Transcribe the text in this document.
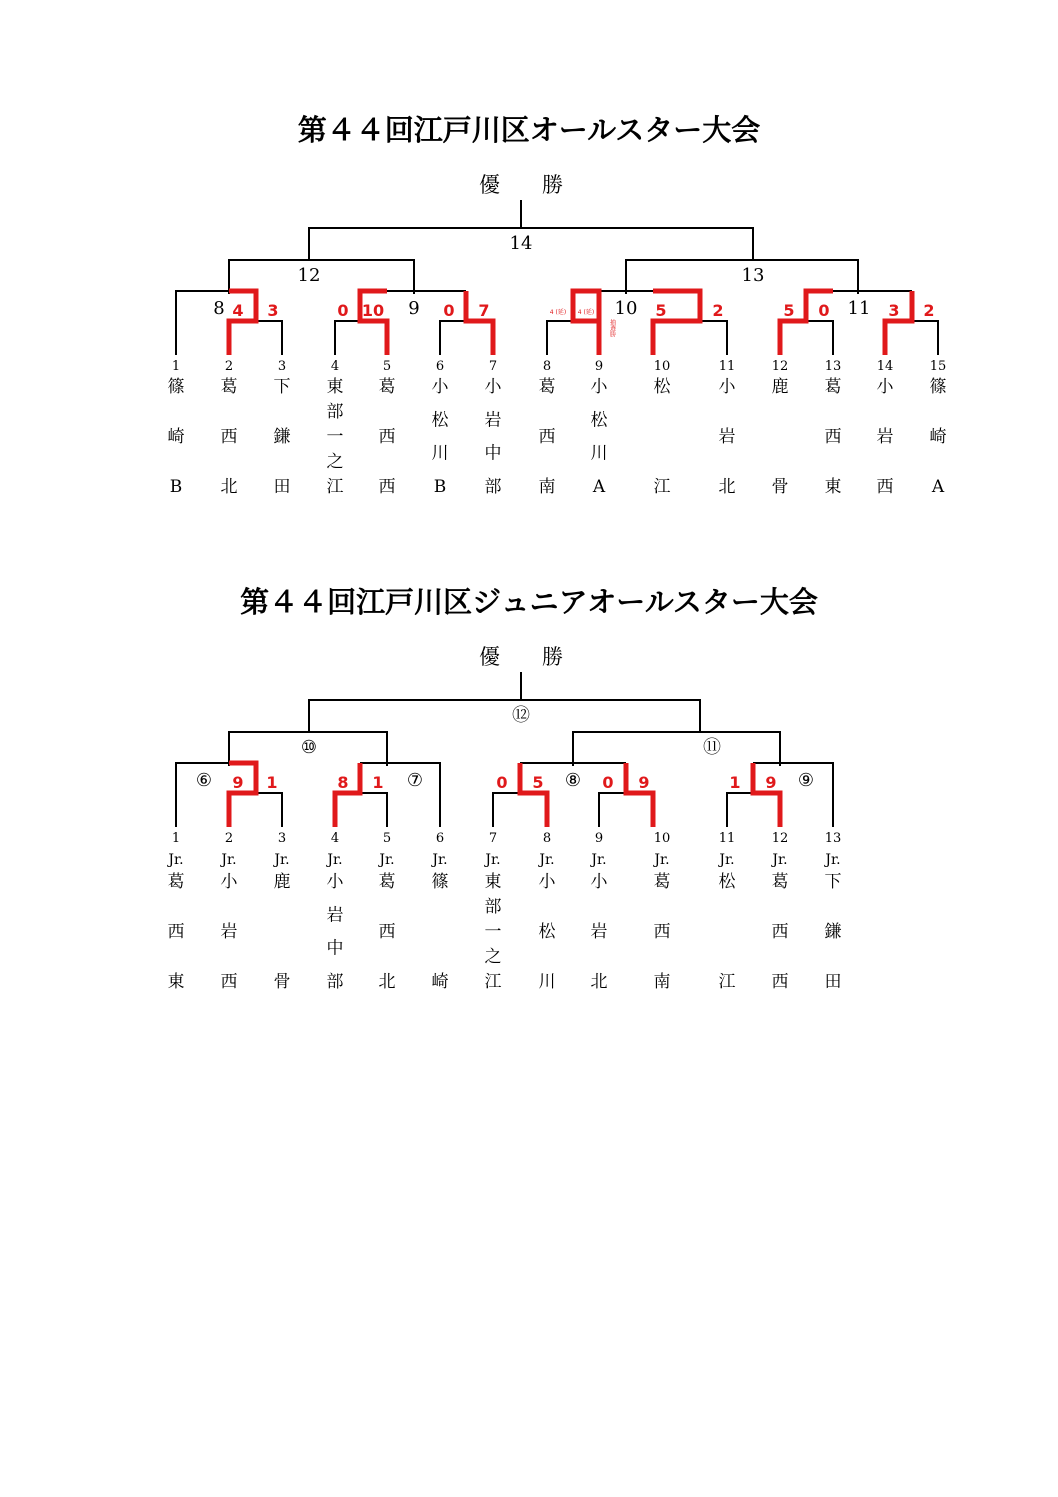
第４４回江戸川区オールスター大会
優　　勝
14
12	13
8	9	10	11
4 3	0 10	0 7	4 (延) 4 (延)
抽選勝
5	2	5 0	3 2
1
篠
崎
B
2
葛
西
北
3
下
鎌
田
4
東
部
一
之
江
5
葛
西
西
6
小
松
川
B
7
小
岩
中
部
8
葛
西
南
9
小
松
川
A
10
松
江
11
小
岩
北
12
鹿
骨
13
葛
西
東
14
小
岩
西
15
篠
崎
A
第４４回江戸川区ジュニアオールスター大会
優　　勝
⑫
⑩	⑪
⑥	⑦	⑧	⑨
9 1	8 1	0 5	0 9	1 9
1
Jr.
葛
西
東
2
Jr.
小
岩
西
3
Jr.
鹿
骨
4
Jr.
小
岩
中
部
5
Jr.
葛
西
北
6
Jr.
篠
崎
7
Jr.
東
部
一
之
江
8
Jr.
小
松
川
9
Jr.
小
岩
北
10
Jr.
葛
西
南
11
Jr.
松
江
12
Jr.
葛
西
西
13
Jr.
下
鎌
田
